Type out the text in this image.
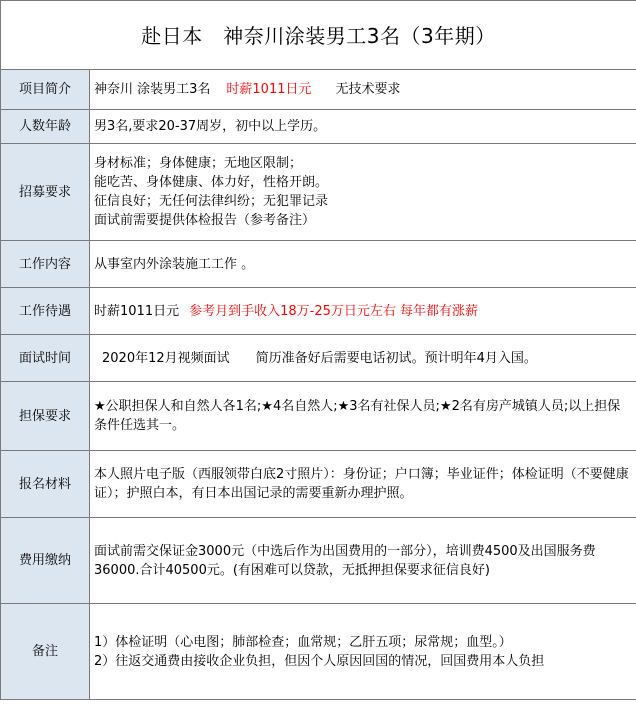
赴日本　神奈川涂装男工3名（3年期）	
项目简介	神奈川 涂装男工3名 时薪1011日元 无技术要求
人数年龄	男3名,要求20-37周岁，初中以上学历。
招募要求	身材标准；身体健康；无地区限制；
能吃苦、身体健康、体力好，性格开朗。
征信良好；无任何法律纠纷；无犯罪记录
面试前需要提供体检报告（参考备注）

工作内容	从事室内外涂装施工工作 。
工作待遇	时薪1011日元 参考月到手收入18万-25万日元左右 每年都有涨薪
面试时间	2020年12月视频面试 简历准备好后需要电话初试。预计明年4月入国。
担保要求	★公职担保人和自然人各1名;★4名自然人;★3名有社保人员;★2名有房产城镇人员;以上担保条件任选其一。
报名材料	本人照片电子版（西服领带白底2寸照片）：身份证；户口簿；毕业证件；体检证明（不要健康证）；护照白本，有日本出国记录的需要重新办理护照。
费用缴纳	面试前需交保证金3000元（中选后作为出国费用的一部分），培训费4500及出国服务费36000.合计40500元。(有困难可以贷款，无抵押担保要求征信良好)
备注	1）体检证明（心电图；肺部检查；血常规；乙肝五项；尿常规；血型。）
2）往返交通费由接收企业负担，但因个人原因回国的情况，回国费用本人负担
